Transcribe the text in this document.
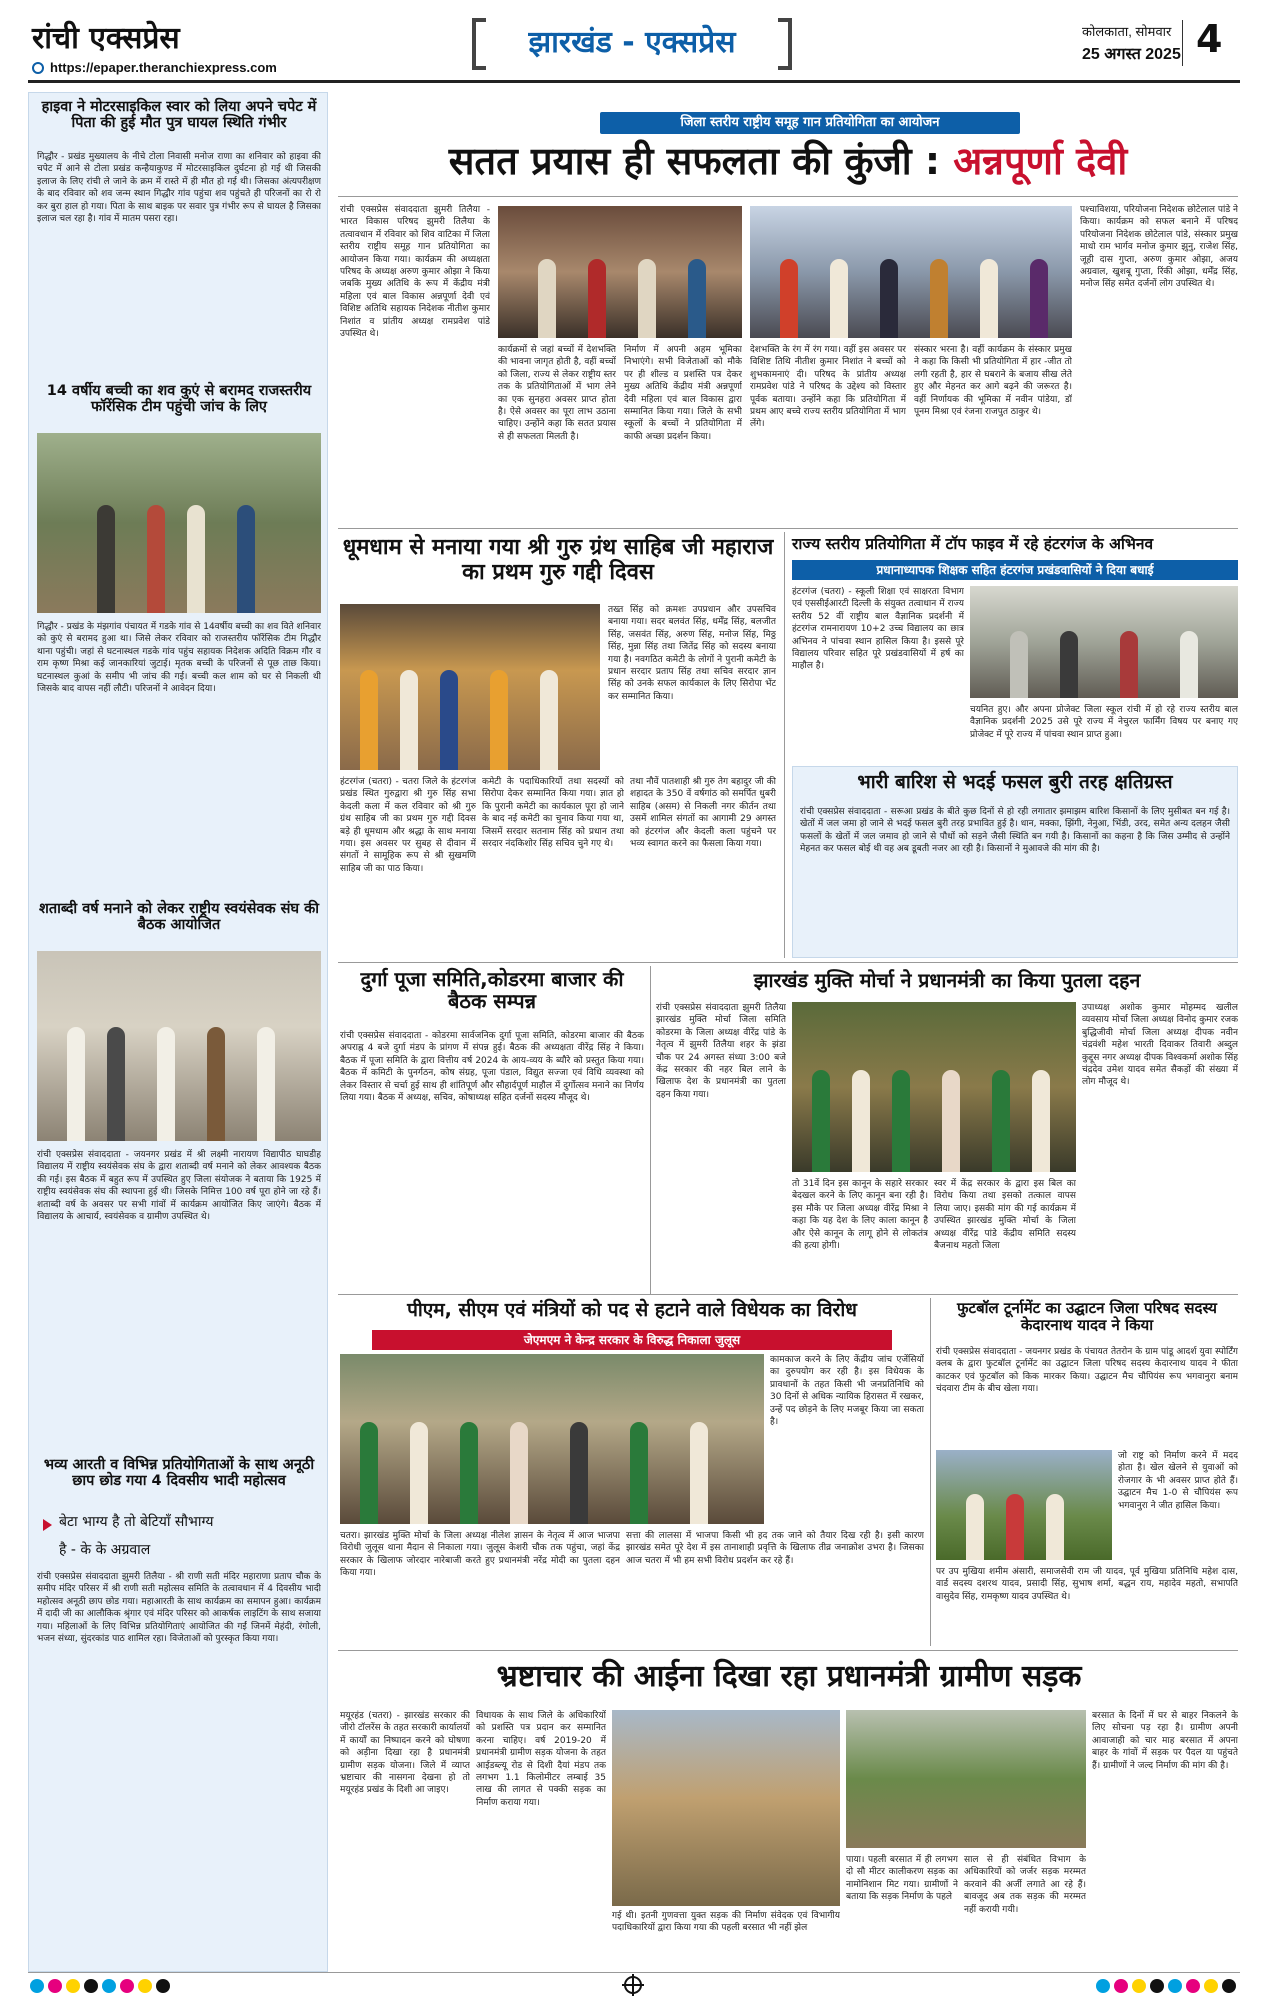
रांची एक्सप्रेस
https://epaper.theranchiexpress.com
झारखंड - एक्सप्रेस	कोलकाता, सोमवार
25 अगस्त 2025 4
हाइवा ने मोटरसाइकिल स्वार को लिया अपने चपेट में पिता की हुई मौत पुत्र घायल स्थिति गंभीर
गिद्धौर - प्रखंड मुख्यालय के नीचे टोला निवासी मनोज राणा का शनिवार को हाइवा की चपेट में आने से टोला प्रखंड कन्हैयाकुण्ड में मोटरसाइकिल दुर्घटना हो गई थी जिसकी इलाज के लिए रांची ले जाने के क्रम में रास्ते में ही मौत हो गई थी। जिसका अंत्यपरीक्षण के बाद रविवार को शव जन्म स्थान गिद्धौर गांव पहुंचा शव पहुंचते ही परिजनों का रो रो कर बुरा हाल हो गया। पिता के साथ बाइक पर सवार पुत्र गंभीर रूप से घायल है जिसका इलाज चल रहा है। गांव में मातम पसरा रहा।
14 वर्षीय बच्ची का शव कुएं से बरामद राजस्तरीय फॉरेंसिक टीम पहुंची जांच के लिए
गिद्धौर - प्रखंड के मंझगांव पंचायत में गडके गांव से 14वर्षीय बच्ची का शव विते शनिवार को कुएं से बरामद हुआ था। जिसे लेकर रविवार को राजस्तरीय फॉरेंसिक टीम गिद्धौर थाना पहुंची। जहां से घटनास्थल गडके गांव पहुंच सहायक निदेशक अदिति विक्रम गौर व राम कृष्ण मिश्रा कई जानकारियां जुटाई। मृतक बच्ची के परिजनों से पूछ ताछ किया। घटनास्थल कुआं के समीप भी जांच की गई। बच्ची कल शाम को घर से निकली थी जिसके बाद वापस नहीं लौटी। परिजनों ने आवेदन दिया।
शताब्दी वर्ष मनाने को लेकर राष्ट्रीय स्वयंसेवक संघ की बैठक आयोजित
रांची एक्सप्रेस संवाददाता - जयनगर प्रखंड में श्री लक्ष्मी नारायण विद्यापीठ घाघडीह विद्यालय में राष्ट्रीय स्वयंसेवक संघ के द्वारा शताब्दी वर्ष मनाने को लेकर आवश्यक बैठक की गई। इस बैठक में बहुत रूप में उपस्थित हुए जिला संयोजक ने बताया कि 1925 में राष्ट्रीय स्वयंसेवक संघ की स्थापना हुई थी। जिसके निमित्त 100 वर्ष पूरा होने जा रहे हैं। शताब्दी वर्ष के अवसर पर सभी गांवों में कार्यक्रम आयोजित किए जाएंगे। बैठक में विद्यालय के आचार्य, स्वयंसेवक व ग्रामीण उपस्थित थे।
भव्य आरती व विभिन्न प्रतियोगिताओं के साथ अनूठी छाप छोड गया 4 दिवसीय भादी महोत्सव
बेटा भाग्य है तो बेटियाँ सौभाग्य
है - के के अग्रवाल
रांची एक्सप्रेस संवाददाता झुमरी तिलैया - श्री राणी सती मंदिर महाराणा प्रताप चौक के समीप मंदिर परिसर में श्री राणी सती महोत्सव समिति के तत्वावधान में 4 दिवसीय भादी महोत्सव अनूठी छाप छोड गया। महाआरती के साथ कार्यक्रम का समापन हुआ। कार्यक्रम में दादी जी का आलौकिक श्रृंगार एवं मंदिर परिसर को आकर्षक लाइटिंग के साथ सजाया गया। महिलाओं के लिए विभिन्न प्रतियोगिताएं आयोजित की गईं जिनमें मेहंदी, रंगोली, भजन संध्या, सुंदरकांड पाठ शामिल रहा। विजेताओं को पुरस्कृत किया गया।
जिला स्तरीय राष्ट्रीय समूह गान प्रतियोगिता का आयोजन
सतत प्रयास ही सफलता की कुंजी : अन्नपूर्णा देवी
रांची एक्सप्रेस संवाददाता झुमरी तिलैया - भारत विकास परिषद झुमरी तिलैया के तत्वावधान में रविवार को शिव वाटिका में जिला स्तरीय राष्ट्रीय समूह गान प्रतियोगिता का आयोजन किया गया। कार्यक्रम की अध्यक्षता परिषद के अध्यक्ष अरुण कुमार ओझा ने किया जबकि मुख्य अतिथि के रूप में केंद्रीय मंत्री महिला एवं बाल विकास अन्नपूर्णा देवी एवं विशिष्ट अतिथि सहायक निदेशक नीतीश कुमार निशांत व प्रांतीय अध्यक्ष रामप्रवेश पांडे उपस्थित थे।
कार्यक्रमों से जहां बच्चों में देशभक्ति की भावना जागृत होती है, वहीं बच्चों को जिला, राज्य से लेकर राष्ट्रीय स्तर तक के प्रतियोगिताओं में भाग लेने का एक सुनहरा अवसर प्राप्त होता है। ऐसे अवसर का पूरा लाभ उठाना चाहिए। उन्होंने कहा कि सतत प्रयास से ही सफलता मिलती है।
निर्माण में अपनी अहम भूमिका निभाएंगे। सभी विजेताओं को मौके पर ही शील्ड व प्रशस्ति पत्र देकर मुख्य अतिथि केंद्रीय मंत्री अन्नपूर्णा देवी महिला एवं बाल विकास द्वारा सम्मानित किया गया। जिले के सभी स्कूलों के बच्चों ने प्रतियोगिता में काफी अच्छा प्रदर्शन किया।
देशभक्ति के रंग में रंग गया। वहीं इस अवसर पर विशिष्ट तिथि नीतीश कुमार निशांत ने बच्चों को शुभकामनाएं दी। परिषद के प्रांतीय अध्यक्ष रामप्रवेश पांडे ने परिषद के उद्देश्य को विस्तार पूर्वक बताया। उन्होंने कहा कि प्रतियोगिता में प्रथम आए बच्चे राज्य स्तरीय प्रतियोगिता में भाग लेंगे।
संस्कार भरना है। वहीं कार्यक्रम के संस्कार प्रमुख ने कहा कि किसी भी प्रतियोगिता में हार -जीत तो लगी रहती है, हार से घबराने के बजाय सीख लेते हुए और मेहनत कर आगे बढ़ने की जरूरत है। वहीं निर्णायक की भूमिका में नवीन पांडेया, डॉ पूनम मिश्रा एवं रंजना राजपुत ठाकुर थे।
पश्चाविशया, परियोजना निदेशक छोटेलाल पांडे ने किया। कार्यक्रम को सफल बनाने में परिषद परियोजना निदेशक छोटेलाल पांडे, संस्कार प्रमुख माधो राम भार्गव मनोज कुमार झुनु, राजेश सिंह, जूही दास गुप्ता, अरुण कुमार ओझा, अजय अग्रवाल, खुशबू गुप्ता, रिंकी ओझा, धर्मेंद्र सिंह, मनोज सिंह समेत दर्जनों लोग उपस्थित थे।
धूमधाम से मनाया गया श्री गुरु ग्रंथ साहिब जी महाराज का प्रथम गुरु गद्दी दिवस
तख्त सिंह को क्रमशः उपप्रधान और उपसचिव बनाया गया। सदर बलवंत सिंह, धर्मेंद्र सिंह, बलजीत सिंह, जसवंत सिंह, अरुण सिंह, मनोज सिंह, मिठ्ठ सिंह, मुन्ना सिंह तथा जितेंद्र सिंह को सदस्य बनाया गया है। नवगठित कमेटी के लोगों ने पुरानी कमेटी के प्रधान सरदार प्रताप सिंह तथा सचिव सरदार ज्ञान सिंह को उनके सफल कार्यकाल के लिए सिरोपा भेंट कर सम्मानित किया।
हंटरगंज (चतरा) - चतरा जिले के हंटरगंज प्रखंड स्थित गुरुद्वारा श्री गुरु सिंह सभा केदली कला में कल रविवार को श्री गुरु ग्रंथ साहिब जी का प्रथम गुरु गद्दी दिवस बड़े ही धूमधाम और श्रद्धा के साथ मनाया गया। इस अवसर पर सुबह से दीवान में संगतों ने सामूहिक रूप से श्री सुखमणि साहिब जी का पाठ किया।
कमेटी के पदाधिकारियों तथा सदस्यों को सिरोपा देकर सम्मानित किया गया। ज्ञात हो कि पुरानी कमेटी का कार्यकाल पूरा हो जाने के बाद नई कमेटी का चुनाव किया गया था, जिसमें सरदार सतनाम सिंह को प्रधान तथा सरदार नंदकिशोर सिंह सचिव चुने गए थे।
तथा नौवें पातशाही श्री गुरु तेग बहादुर जी की शहादत के 350 वें वर्षगांठ को समर्पित धुबरी साहिब (असम) से निकली नगर कीर्तन तथा उसमें शामिल संगतों का आगामी 29 अगस्त को हंटरगंज और केदली कला पहुंचने पर भव्य स्वागत करने का फैसला किया गया।
राज्य स्तरीय प्रतियोगिता में टॉप फाइव में रहे हंटरगंज के अभिनव
प्रधानाध्यापक शिक्षक सहित हंटरगंज प्रखंडवासियों ने दिया बधाई
हंटरगंज (चतरा) - स्कूली शिक्षा एवं साक्षरता विभाग एवं एससीईआरटी दिल्ली के संयुक्त तत्वाधान में राज्य स्तरीय 52 वीं राष्ट्रीय बाल वैज्ञानिक प्रदर्शनी में हंटरगंज रामनारायण 10+2 उच्च विद्यालय का छात्र अभिनव ने पांचवा स्थान हासिल किया है। इससे पूरे विद्यालय परिवार सहित पूरे प्रखंडवासियों में हर्ष का माहौल है।
चयनित हुए। और अपना प्रोजेक्ट जिला स्कूल रांची में हो रहे राज्य स्तरीय बाल वैज्ञानिक प्रदर्शनी 2025 उसे पूरे राज्य में नेचुरल फार्मिंग विषय पर बनाए गए प्रोजेक्ट में पूरे राज्य में पांचवा स्थान प्राप्त हुआ।
भारी बारिश से भदई फसल बुरी तरह क्षतिग्रस्त
रांची एक्सप्रेस संवाददाता - सरूआ प्रखंड के बीते कुछ दिनों से हो रही लगातार झमाझम बारिश किसानों के लिए मुसीबत बन गई है। खेतों में जल जमा हो जाने से भदई फसल बुरी तरह प्रभावित हुई है। धान, मक्का, झिंगी, नेनुआ, भिंडी, उरद, समेत अन्य दलहन जैसी फसलों के खेतों में जल जमाव हो जाने से पौधों को सड़ने जैसी स्थिति बन गयी है। किसानों का कहना है कि जिस उम्मीद से उन्होंने मेहनत कर फसल बोई थी वह अब डूबती नजर आ रही है। किसानों ने मुआवजे की मांग की है।
दुर्गा पूजा समिति,कोडरमा बाजार की बैठक सम्पन्न
रांची एक्सप्रेस संवाददाता - कोडरमा सार्वजनिक दुर्गा पूजा समिति, कोडरमा बाजार की बैठक अपराह्न 4 बजे दुर्गा मंडप के प्रांगण में संपन्न हुई। बैठक की अध्यक्षता वीरेंद्र सिंह ने किया। बैठक में पूजा समिति के द्वारा वित्तीय वर्ष 2024 के आय-व्यय के ब्यौरे को प्रस्तुत किया गया। बैठक में कमिटी के पुनर्गठन, कोष संग्रह, पूजा पंडाल, विद्युत सज्जा एवं विधि व्यवस्था को लेकर विस्तार से चर्चा हुई साथ ही शांतिपूर्ण और सौहार्दपूर्ण माहौल में दुर्गोत्सव मनाने का निर्णय लिया गया। बैठक में अध्यक्ष, सचिव, कोषाध्यक्ष सहित दर्जनों सदस्य मौजूद थे।
झारखंड मुक्ति मोर्चा ने प्रधानमंत्री का किया पुतला दहन
रांची एक्सप्रेस संवाददाता झुमरी तिलैया झारखंड मुक्ति मोर्चा जिला समिति कोडरमा के जिला अध्यक्ष वीरेंद्र पांडे के नेतृत्व में झुमरी तिलैया शहर के झंडा चौक पर 24 अगस्त संध्या 3:00 बजे केंद्र सरकार की नहर बिल लाने के खिलाफ देश के प्रधानमंत्री का पुतला दहन किया गया।
उपाध्यक्ष अशोक कुमार मोहम्मद खलील व्यवसाय मोर्चा जिला अध्यक्ष विनोद कुमार रजक बुद्धिजीवी मोर्चा जिला अध्यक्ष दीपक नवीन चंद्रवंशी महेश भारती दिवाकर तिवारी अब्दुल कुद्दूस नगर अध्यक्ष दीपक विश्वकर्मा अशोक सिंह चंद्रदेव उमेश यादव समेत सैकड़ों की संख्या में लोग मौजूद थे।
तो 31वें दिन इस कानून के सहारे सरकार बेदखल करने के लिए कानून बना रही है। इस मौके पर जिला अध्यक्ष वीरेंद्र मिश्रा ने कहा कि यह देश के लिए काला कानून है और ऐसे कानून के लागू होने से लोकतंत्र की हत्या होगी।
स्वर में केंद्र सरकार के द्वारा इस बिल का विरोध किया तथा इसको तत्काल वापस लिया जाए। इसकी मांग की गई कार्यक्रम में उपस्थित झारखंड मुक्ति मोर्चा के जिला अध्यक्ष वीरेंद्र पांडे केंद्रीय समिति सदस्य बैजनाथ महतो जिला
पीएम, सीएम एवं मंत्रियों को पद से हटाने वाले विधेयक का विरोध
जेएमएम ने केन्द्र सरकार के विरुद्ध निकाला जुलूस
चतरा। झारखंड मुक्ति मोर्चा के जिला अध्यक्ष नीलेश ज्ञासन के नेतृत्व में आज भाजपा विरोधी जुलूस थाना मैदान से निकाला गया। जुलूस केशरी चौक तक पहुंचा, जहां केंद्र सरकार के खिलाफ जोरदार नारेबाजी करते हुए प्रधानमंत्री नरेंद्र मोदी का पुतला दहन किया गया।
कामकाज करने के लिए केंद्रीय जांच एजेंसियों का दुरुपयोग कर रही है। इस विधेयक के प्रावधानों के तहत किसी भी जनप्रतिनिधि को 30 दिनों से अधिक न्यायिक हिरासत में रखकर, उन्हें पद छोड़ने के लिए मजबूर किया जा सकता है।
सत्ता की लालसा में भाजपा किसी भी हद तक जाने को तैयार दिख रही है। इसी कारण झारखंड समेत पूरे देश में इस तानाशाही प्रवृत्ति के खिलाफ तीव्र जनाक्रोश उभरा है। जिसका आज चतरा में भी हम सभी विरोध प्रदर्शन कर रहे हैं।
फुटबॉल टूर्नामेंट का उद्घाटन जिला परिषद सदस्य केदारनाथ यादव ने किया
रांची एक्सप्रेस संवाददाता - जयनगर प्रखंड के पंचायत तेतरोन के ग्राम पांडू आदर्श युवा स्पोर्टिंग क्लब के द्वारा फुटबॉल टूर्नामेंट का उद्घाटन जिला परिषद सदस्य केदारनाथ यादव ने फीता काटकर एवं फुटबॉल को किक मारकर किया। उद्घाटन मैच चौपियंस रूप भगवानुरा बनाम चंदवारा टीम के बीच खेला गया।
जो राष्ट्र को निर्माण करने में मदद होता है। खेल खेलने से युवाओं को रोजगार के भी अवसर प्राप्त होते हैं। उद्घाटन मैच 1-0 से चौपियंस रूप भगवानुरा ने जीत हासिल किया।
पर उप मुखिया शमीम अंसारी, समाजसेवी राम जी यादव, पूर्व मुखिया प्रतिनिधि महेश दास, वार्ड सदस्य दशरथ यादव, प्रसादी सिंह, सुभाष शर्मा, बद्धन राय, महादेव महतो, सभापति वासुदेव सिंह, रामकृष्ण यादव उपस्थित थे।
भ्रष्टाचार की आईना दिखा रहा प्रधानमंत्री ग्रामीण सड़क
मयूरहंड (चतरा) - झारखंड सरकार की जीरो टॉलरेंस के तहत सरकारी कार्यालयों में कार्यों का निष्पादन करने को घोषणा को अड़ीना दिखा रहा है प्रधानमंत्री ग्रामीण सड़क योजना। जिले में व्याप्त भ्रष्टाचार की नासगना देखना हो तो मयूरहंड प्रखंड के दिशी आ जाइए।
विधायक के साथ जिले के अधिकारियों को प्रशस्ति पत्र प्रदान कर सम्मानित करना चाहिए। वर्ष 2019-20 में प्रधानमंत्री ग्रामीण सड़क योजना के तहत आईडब्ल्यू रोड से दिशी दैयां मंडप तक लगभग 1.1 किलोमीटर लम्बाई 35 लाख की लागत से पक्की सड़क का निर्माण कराया गया।
गई थी। इतनी गुणवत्ता युक्त सड़क की निर्माण संवेदक एवं विभागीय पदाधिकारियों द्वारा किया गया की पहली बरसात भी नहीं झेल
पाया। पहली बरसात में ही लगभग दो सौ मीटर कालीकरण सड़क का नामोनिशान मिट गया। ग्रामीणों ने बताया कि सड़क निर्माण के पहले
साल से ही संबंधित विभाग के अधिकारियों को जर्जर सड़क मरम्मत करवाने की अर्जी लगाते आ रहे हैं। बावजूद अब तक सड़क की मरम्मत नहीं करायी गयी।
बरसात के दिनों में घर से बाहर निकलने के लिए सोचना पड़ रहा है। ग्रामीण अपनी आवाजाही को चार माह बरसात में अपना बाहर के गांवों में सड़क पर पैदल या पहुंचते हैं। ग्रामीणों ने जल्द निर्माण की मांग की है।
